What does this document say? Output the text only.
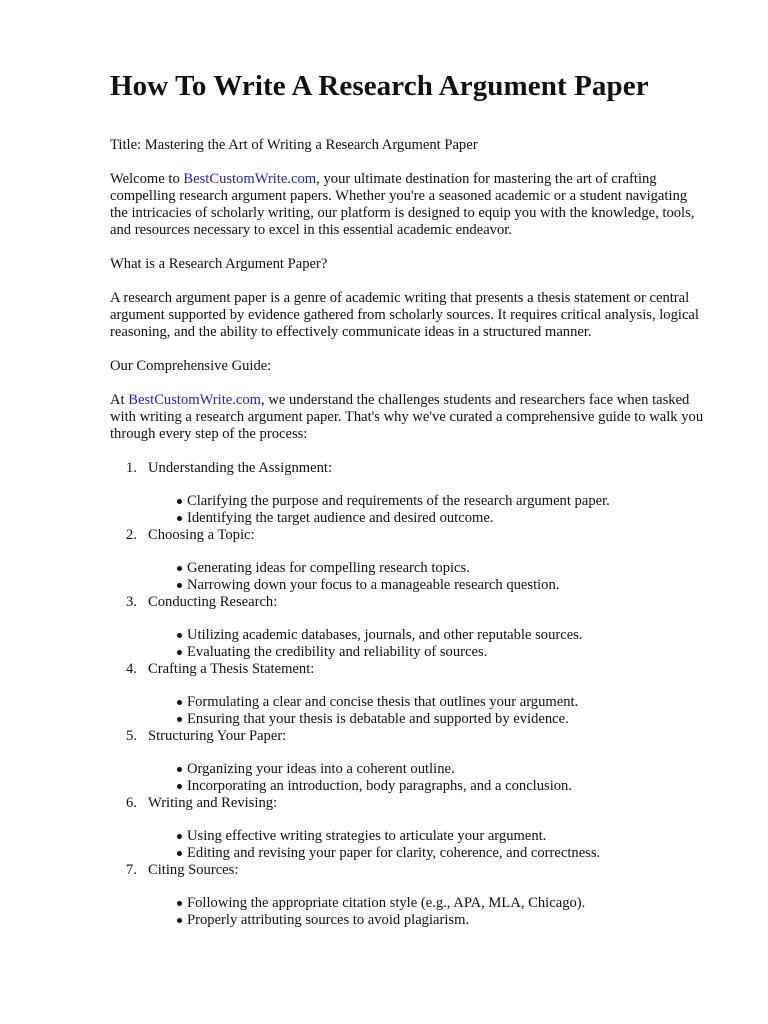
How To Write A Research Argument Paper

Title: Mastering the Art of Writing a Research Argument Paper

Welcome to BestCustomWrite.com, your ultimate destination for mastering the art of crafting compelling research argument papers. Whether you're a seasoned academic or a student navigating the intricacies of scholarly writing, our platform is designed to equip you with the knowledge, tools, and resources necessary to excel in this essential academic endeavor.

What is a Research Argument Paper?

A research argument paper is a genre of academic writing that presents a thesis statement or central argument supported by evidence gathered from scholarly sources. It requires critical analysis, logical reasoning, and the ability to effectively communicate ideas in a structured manner.

Our Comprehensive Guide:

At BestCustomWrite.com, we understand the challenges students and researchers face when tasked with writing a research argument paper. That's why we've curated a comprehensive guide to walk you through every step of the process:

1. Understanding the Assignment:
Clarifying the purpose and requirements of the research argument paper.
Identifying the target audience and desired outcome.
2. Choosing a Topic:
Generating ideas for compelling research topics.
Narrowing down your focus to a manageable research question.
3. Conducting Research:
Utilizing academic databases, journals, and other reputable sources.
Evaluating the credibility and reliability of sources.
4. Crafting a Thesis Statement:
Formulating a clear and concise thesis that outlines your argument.
Ensuring that your thesis is debatable and supported by evidence.
5. Structuring Your Paper:
Organizing your ideas into a coherent outline.
Incorporating an introduction, body paragraphs, and a conclusion.
6. Writing and Revising:
Using effective writing strategies to articulate your argument.
Editing and revising your paper for clarity, coherence, and correctness.
7. Citing Sources:
Following the appropriate citation style (e.g., APA, MLA, Chicago).
Properly attributing sources to avoid plagiarism.
